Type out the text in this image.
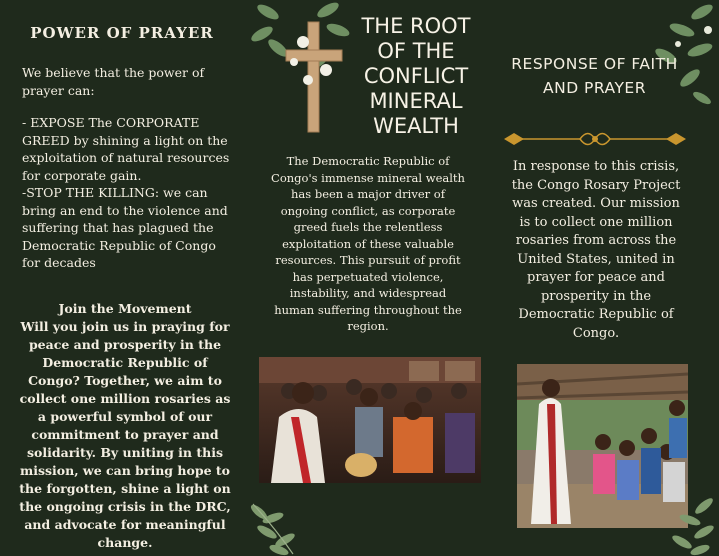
POWER OF PRAYER
We believe that the power of prayer can:
- EXPOSE The CORPORATE GREED by shining a light on the exploitation of natural resources for corporate gain.
-STOP THE KILLING: we can bring an end to the violence and suffering that has plagued the Democratic Republic of Congo for decades
Join the Movement
Will you join us in praying for peace and prosperity in the Democratic Republic of Congo? Together, we aim to collect one million rosaries as a powerful symbol of our commitment to prayer and solidarity. By uniting in this mission, we can bring hope to the forgotten, shine a light on the ongoing crisis in the DRC, and advocate for meaningful change.
THE ROOT OF THE CONFLICT MINERAL WEALTH
The Democratic Republic of Congo's immense mineral wealth has been a major driver of ongoing conflict, as corporate greed fuels the relentless exploitation of these valuable resources. This pursuit of profit has perpetuated violence, instability, and widespread human suffering throughout the region.
RESPONSE OF FAITH AND PRAYER
In response to this crisis, the Congo Rosary Project was created. Our mission is to collect one million rosaries from across the United States, united in prayer for peace and prosperity in the Democratic Republic of Congo.
